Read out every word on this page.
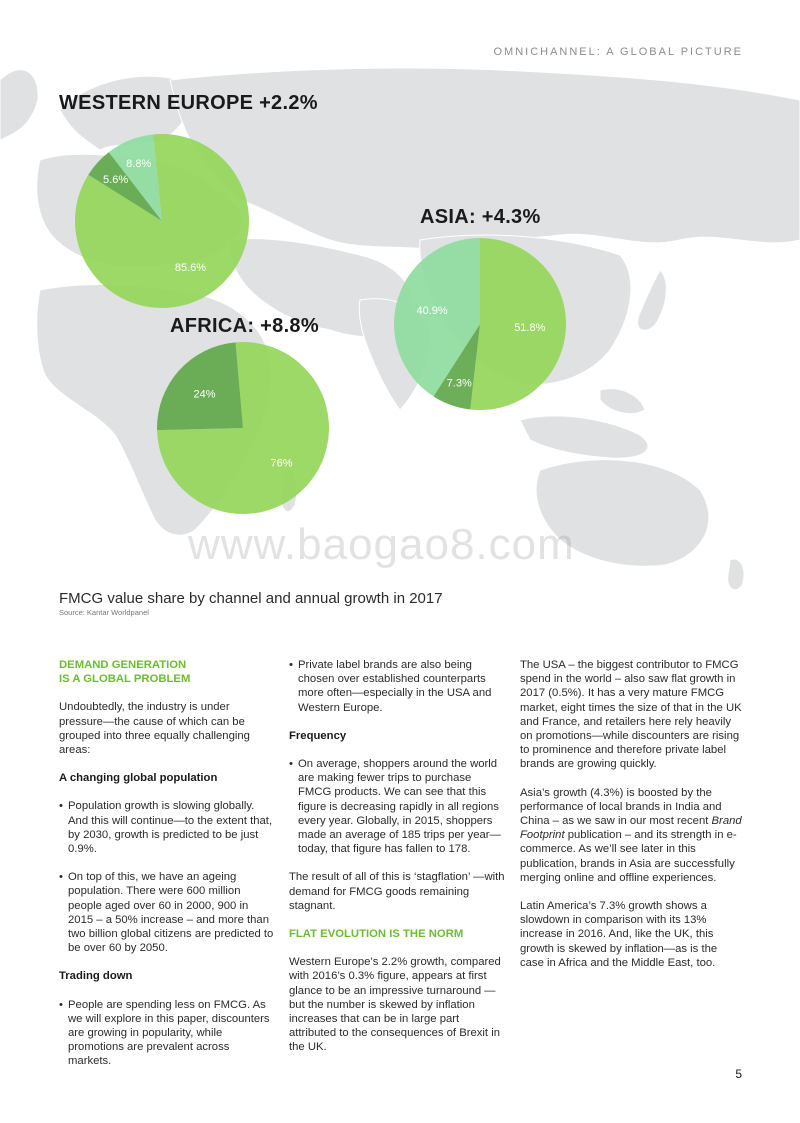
OMNICHANNEL: A GLOBAL PICTURE
85.6%
5.6%
8.8%
51.8%
7.3%
40.9%
76%
24%
WESTERN EUROPE +2.2%
ASIA: +4.3%
AFRICA: +8.8%
www.baogao8.com
FMCG value share by channel and annual growth in 2017
Source: Kantar Worldpanel

DEMAND GENERATION
IS A GLOBAL PROBLEM

Undoubtedly, the industry is under pressure—the cause of which can be grouped into three equally challenging areas:

A changing global population

• Population growth is slowing globally. And this will continue—to the extent that, by 2030, growth is predicted to be just 0.9%.

• On top of this, we have an ageing population. There were 600 million people aged over 60 in 2000, 900 in 2015 – a 50% increase – and more than two billion global citizens are predicted to be over 60 by 2050.

Trading down

• People are spending less on FMCG. As we will explore in this paper, discounters are growing in popularity, while promotions are prevalent across markets.

• Private label brands are also being chosen over established counterparts more often—especially in the USA and Western Europe.

Frequency

• On average, shoppers around the world are making fewer trips to purchase FMCG products. We can see that this figure is decreasing rapidly in all regions every year. Globally, in 2015, shoppers made an average of 185 trips per year—today, that figure has fallen to 178.

The result of all of this is ‘stagflation’ —with demand for FMCG goods remaining stagnant.

FLAT EVOLUTION IS THE NORM

Western Europe’s 2.2% growth, compared with 2016’s 0.3% figure, appears at first glance to be an impressive turnaround —but the number is skewed by inflation increases that can be in large part attributed to the consequences of Brexit in the UK.

The USA – the biggest contributor to FMCG spend in the world – also saw flat growth in 2017 (0.5%). It has a very mature FMCG market, eight times the size of that in the UK and France, and retailers here rely heavily on promotions—while discounters are rising to prominence and therefore private label brands are growing quickly.

Asia’s growth (4.3%) is boosted by the performance of local brands in India and China – as we saw in our most recent Brand Footprint publication – and its strength in e-commerce. As we’ll see later in this publication, brands in Asia are successfully merging online and offline experiences.

Latin America’s 7.3% growth shows a slowdown in comparison with its 13% increase in 2016. And, like the UK, this growth is skewed by inflation—as is the case in Africa and the Middle East, too.

5
